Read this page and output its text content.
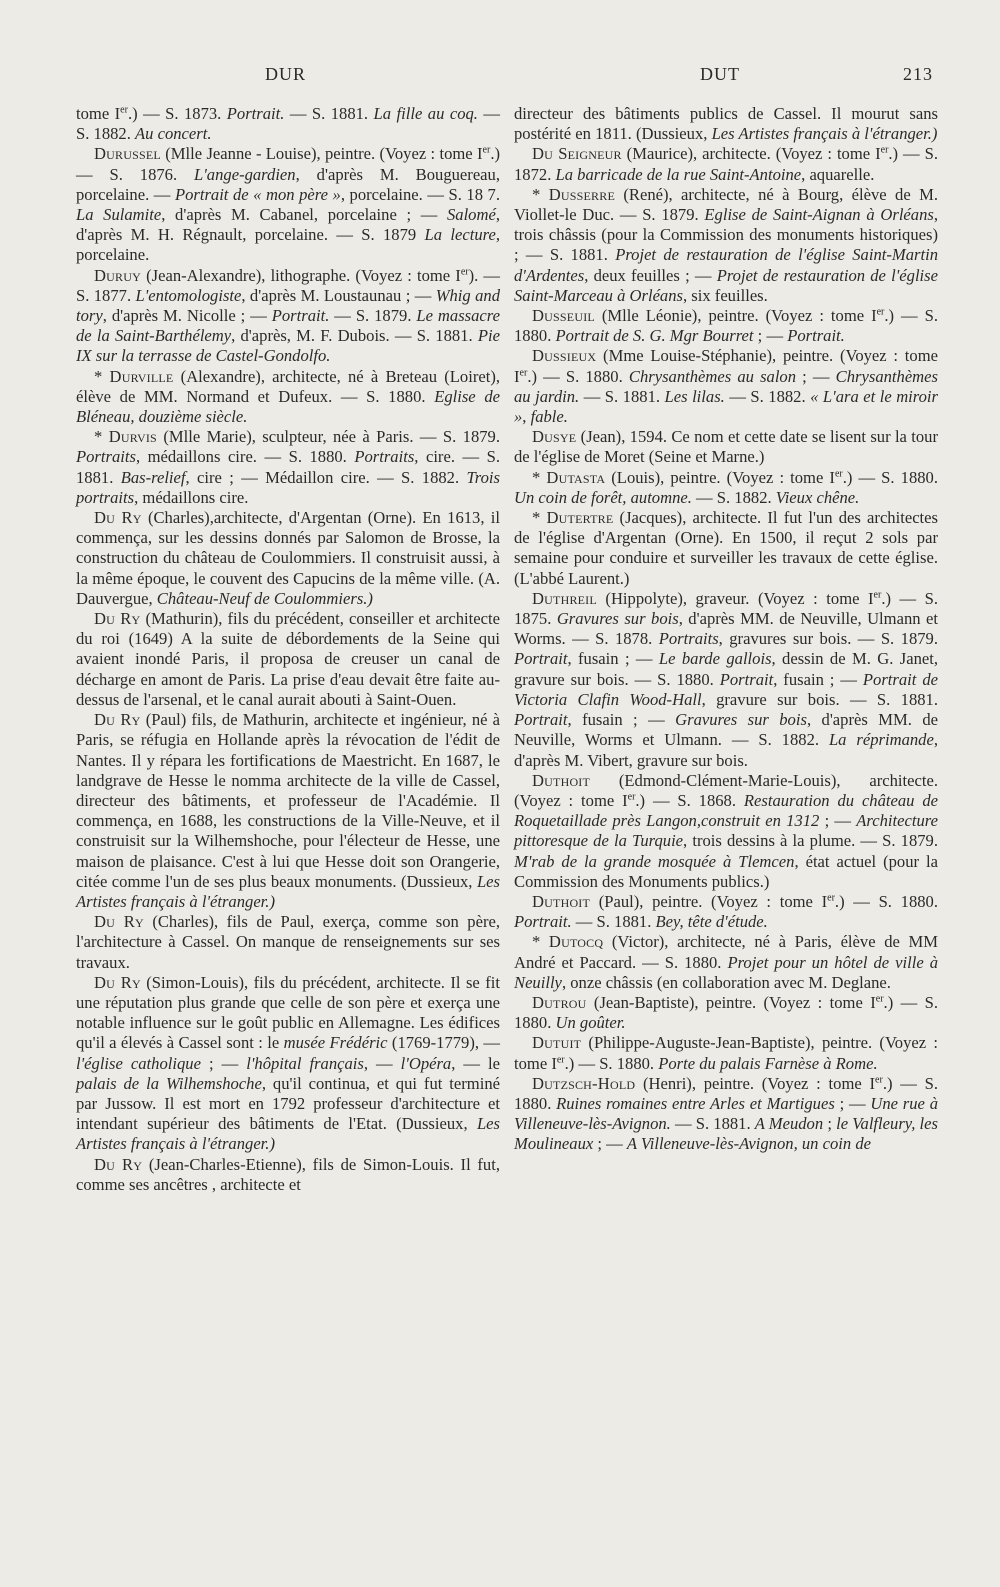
DUR	DUT	213

tome Ier.) — S. 1873. Portrait. — S. 1881. La fille au coq. — S. 1882. Au concert.

Durussel (Mlle Jeanne - Louise), peintre. (Voyez : tome Ier.) — S. 1876. L'ange-gardien, d'après M. Bouguereau, porcelaine. — Portrait de « mon père », porcelaine. — S. 18 7. La Sulamite, d'après M. Cabanel, porcelaine ; — Salomé, d'après M. H. Régnault, porcelaine. — S. 1879 La lecture, porcelaine.

Duruy (Jean-Alexandre), lithographe. (Voyez : tome Ier). — S. 1877. L'entomologiste, d'après M. Loustaunau ; — Whig and tory, d'après M. Nicolle ; — Portrait. — S. 1879. Le massacre de la Saint-Barthélemy, d'après, M. F. Dubois. — S. 1881. Pie IX sur la terrasse de Castel-Gondolfo.

* Durville (Alexandre), architecte, né à Breteau (Loiret), élève de MM. Normand et Dufeux. — S. 1880. Eglise de Bléneau, douzième siècle.

* Durvis (Mlle Marie), sculpteur, née à Paris. — S. 1879. Portraits, médaillons cire. — S. 1880. Portraits, cire. — S. 1881. Bas-relief, cire ; — Médaillon cire. — S. 1882. Trois portraits, médaillons cire.

Du Ry (Charles),architecte, d'Argentan (Orne). En 1613, il commença, sur les dessins donnés par Salomon de Brosse, la construction du château de Coulommiers. Il construisit aussi, à la même époque, le couvent des Capucins de la même ville. (A. Dauvergue, Château-Neuf de Coulommiers.)

Du Ry (Mathurin), fils du précédent, conseiller et architecte du roi (1649) A la suite de débordements de la Seine qui avaient inondé Paris, il proposa de creuser un canal de décharge en amont de Paris. La prise d'eau devait être faite au-dessus de l'arsenal, et le canal aurait abouti à Saint-Ouen.

Du Ry (Paul) fils, de Mathurin, architecte et ingénieur, né à Paris, se réfugia en Hollande après la révocation de l'édit de Nantes. Il y répara les fortifications de Maestricht. En 1687, le landgrave de Hesse le nomma architecte de la ville de Cassel, directeur des bâtiments, et professeur de l'Académie. Il commença, en 1688, les constructions de la Ville-Neuve, et il construisit sur la Wilhemshoche, pour l'électeur de Hesse, une maison de plaisance. C'est à lui que Hesse doit son Orangerie, citée comme l'un de ses plus beaux monuments. (Dussieux, Les Artistes français à l'étranger.)

Du Ry (Charles), fils de Paul, exerça, comme son père, l'architecture à Cassel. On manque de renseignements sur ses travaux.

Du Ry (Simon-Louis), fils du précédent, architecte. Il se fit une réputation plus grande que celle de son père et exerça une notable influence sur le goût public en Allemagne. Les édifices qu'il a élevés à Cassel sont : le musée Frédéric (1769-1779), — l'église catholique ; — l'hôpital français, — l'Opéra, — le palais de la Wilhemshoche, qu'il continua, et qui fut terminé par Jussow. Il est mort en 1792 professeur d'architecture et intendant supérieur des bâtiments de l'Etat. (Dussieux, Les Artistes français à l'étranger.)

Du Ry (Jean-Charles-Etienne), fils de Simon-Louis. Il fut, comme ses ancêtres , architecte et

directeur des bâtiments publics de Cassel. Il mourut sans postérité en 1811. (Dussieux, Les Artistes français à l'étranger.)

Du Seigneur (Maurice), architecte. (Voyez : tome Ier.) — S. 1872. La barricade de la rue Saint-Antoine, aquarelle.

* Dusserre (René), architecte, né à Bourg, élève de M. Viollet-le Duc. — S. 1879. Eglise de Saint-Aignan à Orléans, trois châssis (pour la Commission des monuments historiques) ; — S. 1881. Projet de restauration de l'église Saint-Martin d'Ardentes, deux feuilles ; — Projet de restauration de l'église Saint-Marceau à Orléans, six feuilles.

Dusseuil (Mlle Léonie), peintre. (Voyez : tome Ier.) — S. 1880. Portrait de S. G. Mgr Bourret ; — Portrait.

Dussieux (Mme Louise-Stéphanie), peintre. (Voyez : tome Ier.) — S. 1880. Chrysanthèmes au salon ; — Chrysanthèmes au jardin. — S. 1881. Les lilas. — S. 1882. « L'ara et le miroir », fable.

Dusye (Jean), 1594. Ce nom et cette date se lisent sur la tour de l'église de Moret (Seine et Marne.)

* Dutasta (Louis), peintre. (Voyez : tome Ier.) — S. 1880. Un coin de forêt, automne. — S. 1882. Vieux chêne.

* Dutertre (Jacques), architecte. Il fut l'un des architectes de l'église d'Argentan (Orne). En 1500, il reçut 2 sols par semaine pour conduire et surveiller les travaux de cette église. (L'abbé Laurent.)

Duthreil (Hippolyte), graveur. (Voyez : tome Ier.) — S. 1875. Gravures sur bois, d'après MM. de Neuville, Ulmann et Worms. — S. 1878. Portraits, gravures sur bois. — S. 1879. Portrait, fusain ; — Le barde gallois, dessin de M. G. Janet, gravure sur bois. — S. 1880. Portrait, fusain ; — Portrait de Victoria Clafin Wood-Hall, gravure sur bois. — S. 1881. Portrait, fusain ; — Gravures sur bois, d'après MM. de Neuville, Worms et Ulmann. — S. 1882. La réprimande, d'après M. Vibert, gravure sur bois.

Duthoit (Edmond-Clément-Marie-Louis), architecte. (Voyez : tome Ier.) — S. 1868. Restauration du château de Roquetaillade près Langon,construit en 1312 ; — Architecture pittoresque de la Turquie, trois dessins à la plume. — S. 1879. M'rab de la grande mosquée à Tlemcen, état actuel (pour la Commission des Monuments publics.)

Duthoit (Paul), peintre. (Voyez : tome Ier.) — S. 1880. Portrait. — S. 1881. Bey, tête d'étude.

* Dutocq (Victor), architecte, né à Paris, élève de MM André et Paccard. — S. 1880. Projet pour un hôtel de ville à Neuilly, onze châssis (en collaboration avec M. Deglane.

Dutrou (Jean-Baptiste), peintre. (Voyez : tome Ier.) — S. 1880. Un goûter.

Dutuit (Philippe-Auguste-Jean-Baptiste), peintre. (Voyez : tome Ier.) — S. 1880. Porte du palais Farnèse à Rome.

Dutzsch-Hold (Henri), peintre. (Voyez : tome Ier.) — S. 1880. Ruines romaines entre Arles et Martigues ; — Une rue à Villeneuve-lès-Avignon. — S. 1881. A Meudon ; le Valfleury, les Moulineaux ; — A Villeneuve-lès-Avignon, un coin de
